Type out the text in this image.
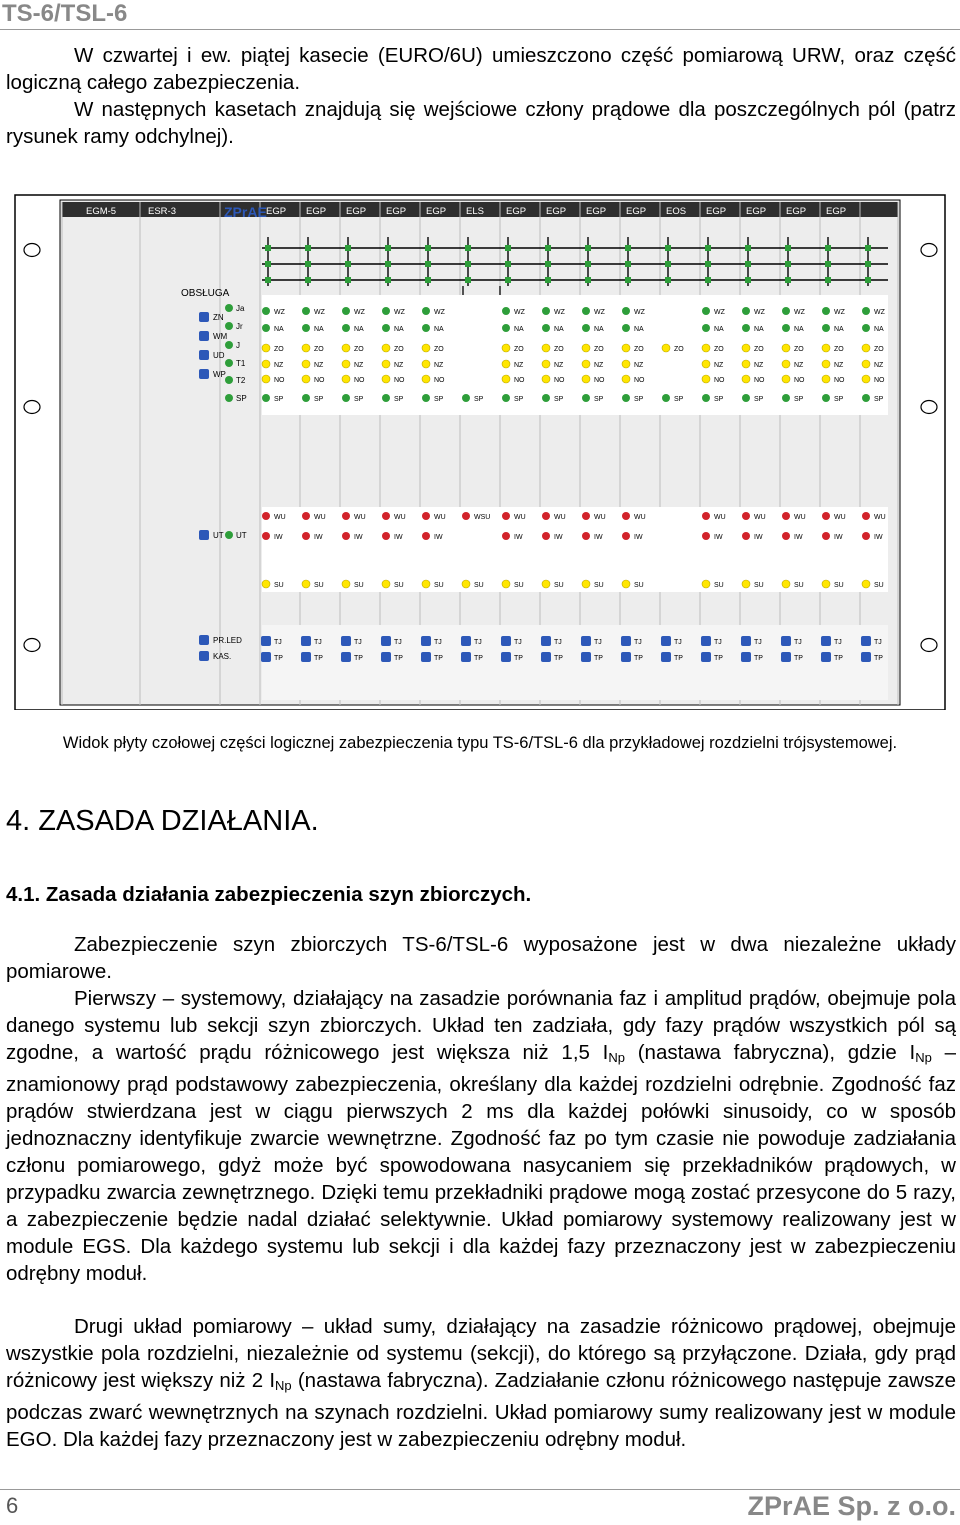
TS-6/TSL-6
W czwartej i ew. piątej kasecie (EURO/6U) umieszczono część pomiarową URW, oraz część logiczną całego zabezpieczenia.
W następnych kasetach znajdują się wejściowe człony prądowe dla poszczególnych pól (patrz rysunek ramy odchylnej).
EGM-5	ESR-3	EGP EGP EGP EGP EGP ELS EGP EGP EGP EGP EOS EGP EGP EGP EGP
ZPrAE
OBSŁUGA
ZN
WM
UD
WP
Ja
Jr
J
T1
T2
SP
UT UT
PR.LED
KAS.
WZ
NA
ZO
NZ
NO
SP
WU
IW
SU
TJ
TP
WZ
NA
ZO
NZ
NO
SP
WU
IW
SU
TJ
TP
WZ
NA
ZO
NZ
NO
SP
WU
IW
SU
TJ
TP
WZ
NA
ZO
NZ
NO
SP
WU
IW
SU
TJ
TP
WZ
NA
ZO
NZ
NO
SP
WU
IW
SU
TJ
TP
SP
WSU
SU
TJ
TP
WZ
NA
ZO
NZ
NO
SP
WU
IW
SU
TJ
TP
WZ
NA
ZO
NZ
NO
SP
WU
IW
SU
TJ
TP
WZ
NA
ZO
NZ
NO
SP
WU
IW
SU
TJ
TP
WZ
NA
ZO
NZ
NO
SP
WU
IW
SU
TJ
TP
ZO
SP
TJ
TP
WZ
NA
ZO
NZ
NO
SP
WU
IW
SU
TJ
TP
WZ
NA
ZO
NZ
NO
SP
WU
IW
SU
TJ
TP
WZ
NA
ZO
NZ
NO
SP
WU
IW
SU
TJ
TP
WZ
NA
ZO
NZ
NO
SP
WU
IW
SU
TJ
TP
WZ
NA
ZO
NZ
NO
SP
WU
IW
SU
TJ
TP
Widok płyty czołowej części logicznej zabezpieczenia typu TS-6/TSL-6 dla przykładowej rozdzielni trójsystemowej.
4. ZASADA DZIAŁANIA.
4.1. Zasada działania zabezpieczenia szyn zbiorczych.
Zabezpieczenie szyn zbiorczych TS-6/TSL-6 wyposażone jest w dwa niezależne układy pomiarowe.
Pierwszy – systemowy, działający na zasadzie porównania faz i amplitud prądów, obejmuje pola danego systemu lub sekcji szyn zbiorczych. Układ ten zadziała, gdy fazy prądów wszystkich pól są zgodne, a wartość prądu różnicowego jest większa niż 1,5 $I_{Np}$ (nastawa fabryczna), gdzie $I_{Np}$ – znamionowy prąd podstawowy zabezpieczenia, określany dla każdej rozdzielni odrębnie. Zgodność faz prądów stwierdzana jest w ciągu pierwszych 2 ms dla każdej połówki sinusoidy, co w sposób jednoznaczny identyfikuje zwarcie wewnętrzne. Zgodność faz po tym czasie nie powoduje zadziałania członu pomiarowego, gdyż może być spowodowana nasycaniem się przekładników prądowych, w przypadku zwarcia zewnętrznego. Dzięki temu przekładniki prądowe mogą zostać przesycone do 5 razy, a zabezpieczenie będzie nadal działać selektywnie. Układ pomiarowy systemowy realizowany jest w module EGS. Dla każdego systemu lub sekcji i dla każdej fazy przeznaczony jest w zabezpieczeniu odrębny moduł.
Drugi układ pomiarowy – układ sumy, działający na zasadzie różnicowo prądowej, obejmuje wszystkie pola rozdzielni, niezależnie od systemu (sekcji), do którego są przyłączone. Działa, gdy prąd różnicowy jest większy niż 2 $I_{Np}$ (nastawa fabryczna). Zadziałanie członu różnicowego następuje zawsze podczas zwarć wewnętrznych na szynach rozdzielni. Układ pomiarowy sumy realizowany jest w module EGO. Dla każdej fazy przeznaczony jest w zabezpieczeniu odrębny moduł.
6	ZPrAE Sp. z o.o.
